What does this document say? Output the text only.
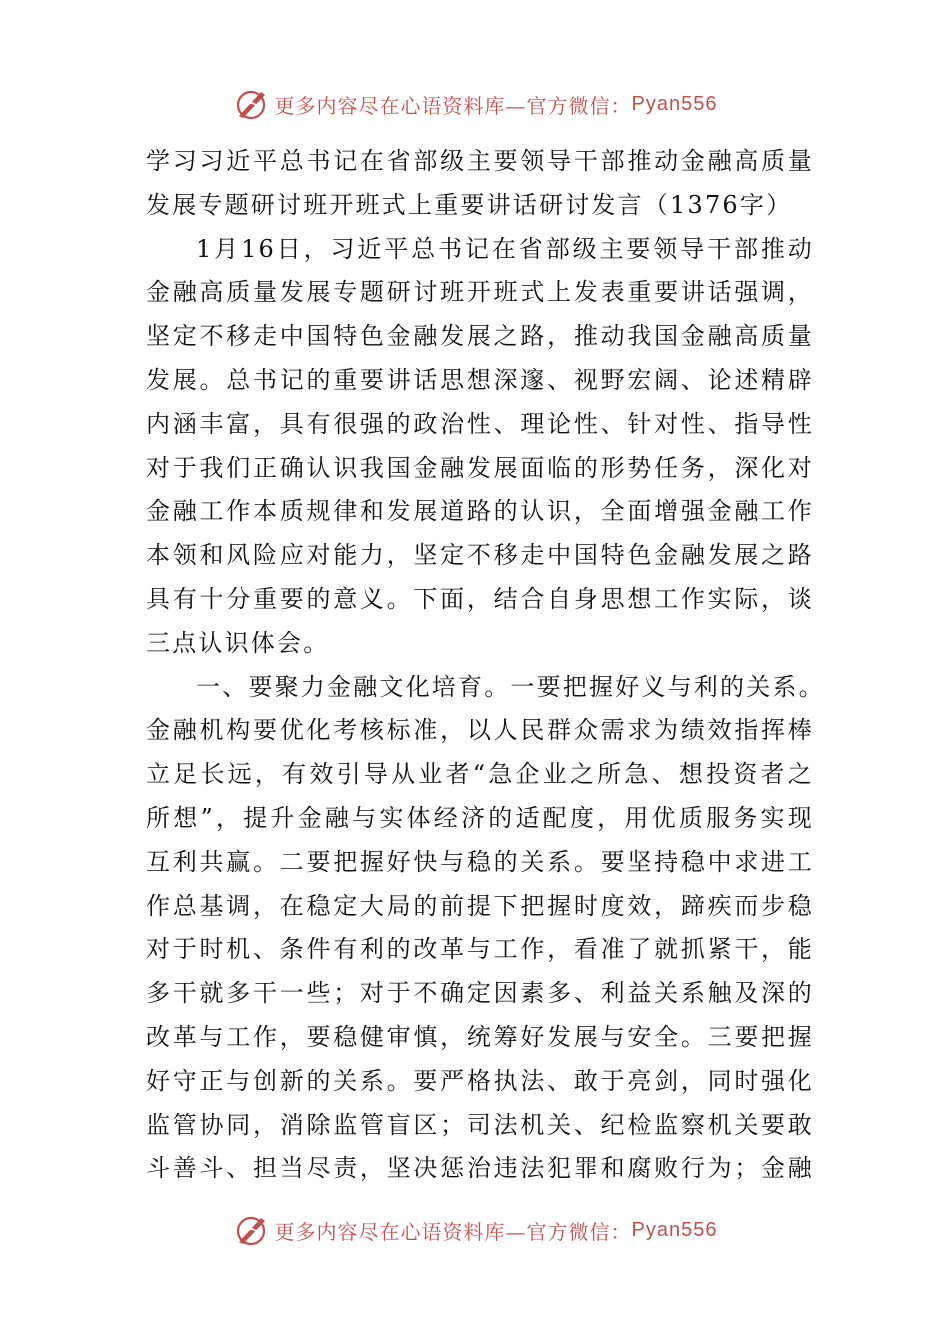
更多内容尽在心语资料库—官方微信： Pyan556
学习习近平总书记在省部级主要领导干部推动金融高质量
发展专题研讨班开班式上重要讲话研讨发言（1376字）
1月16日，习近平总书记在省部级主要领导干部推动
金融高质量发展专题研讨班开班式上发表重要讲话强调，
坚定不移走中国特色金融发展之路，推动我国金融高质量
发展。总书记的重要讲话思想深邃、视野宏阔、论述精辟
内涵丰富，具有很强的政治性、理论性、针对性、指导性
对于我们正确认识我国金融发展面临的形势任务，深化对
金融工作本质规律和发展道路的认识，全面增强金融工作
本领和风险应对能力，坚定不移走中国特色金融发展之路
具有十分重要的意义。下面，结合自身思想工作实际，谈
三点认识体会。
一、要聚力金融文化培育。一要把握好义与利的关系。
金融机构要优化考核标准，以人民群众需求为绩效指挥棒
立足长远，有效引导从业者“急企业之所急、想投资者之
所想”，提升金融与实体经济的适配度，用优质服务实现
互利共赢。二要把握好快与稳的关系。要坚持稳中求进工
作总基调，在稳定大局的前提下把握时度效，蹄疾而步稳
对于时机、条件有利的改革与工作，看准了就抓紧干，能
多干就多干一些；对于不确定因素多、利益关系触及深的
改革与工作，要稳健审慎，统筹好发展与安全。三要把握
好守正与创新的关系。要严格执法、敢于亮剑，同时强化
监管协同，消除监管盲区；司法机关、纪检监察机关要敢
斗善斗、担当尽责，坚决惩治违法犯罪和腐败行为；金融
更多内容尽在心语资料库—官方微信： Pyan556
